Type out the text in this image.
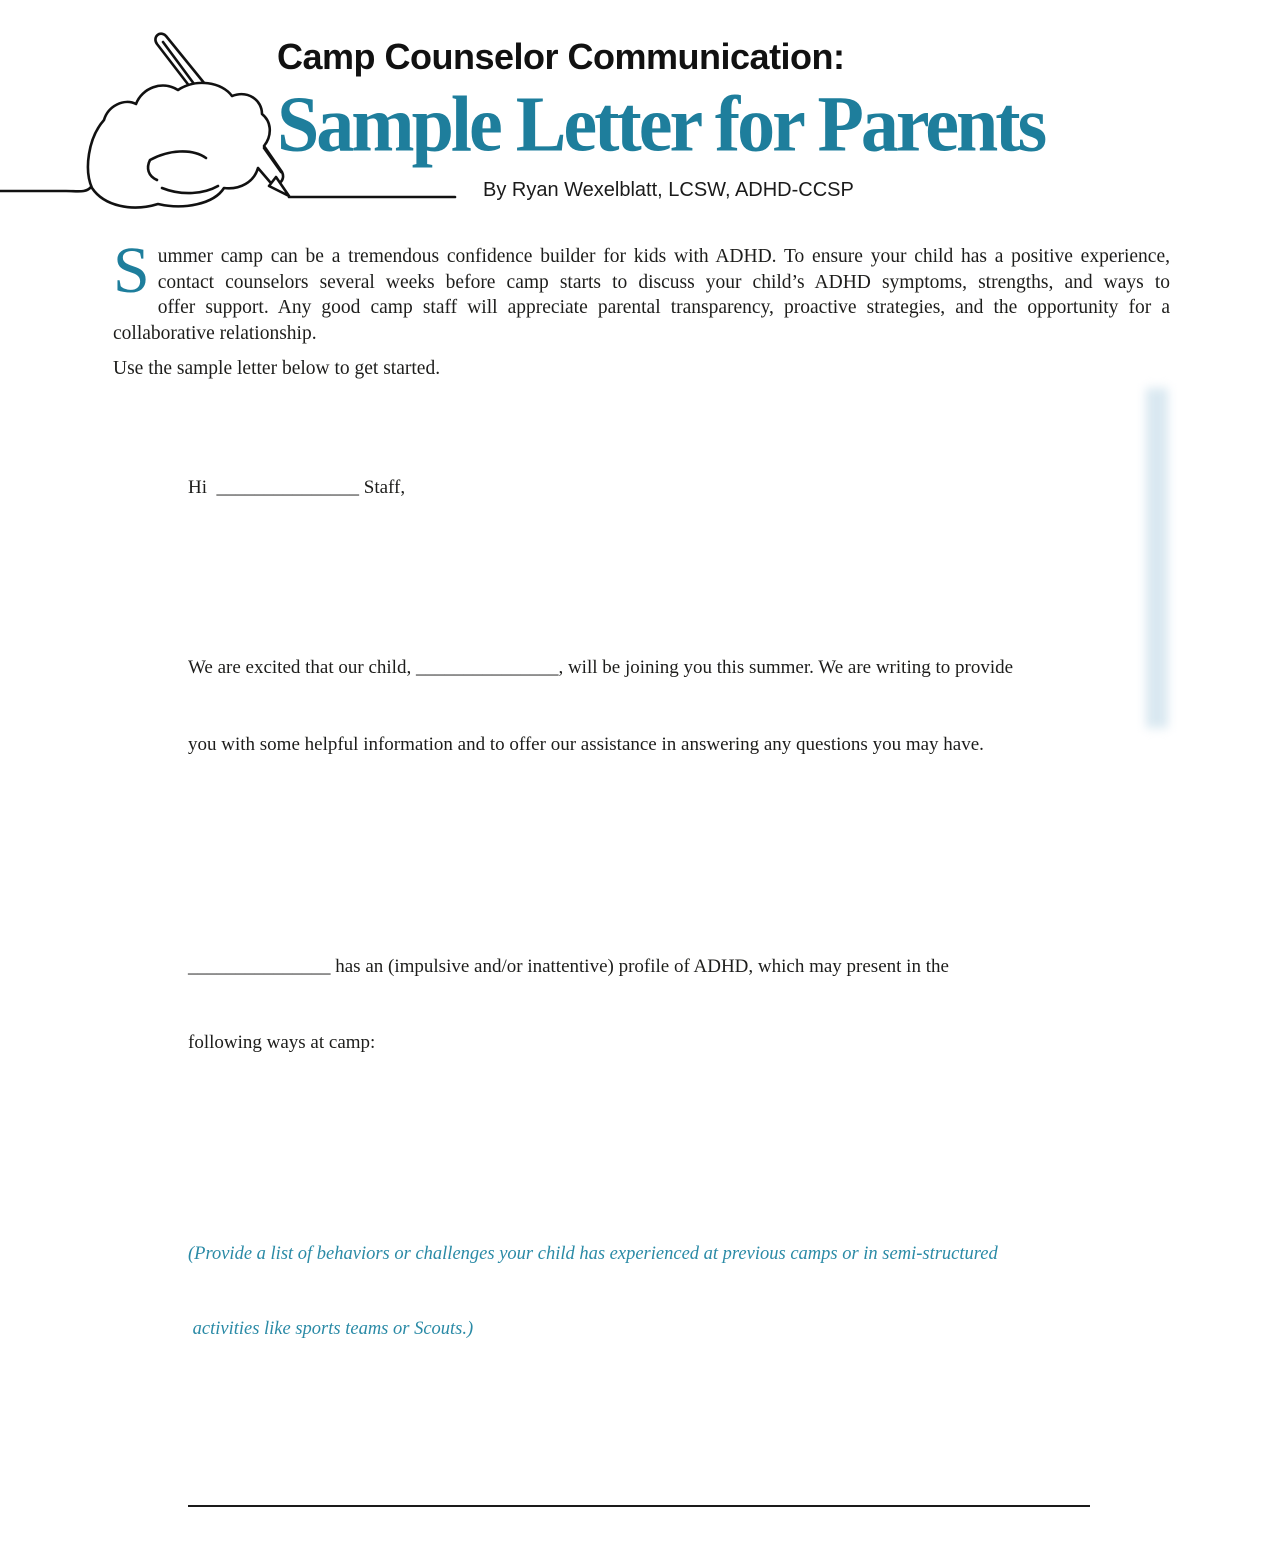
Camp Counselor Communication:
Sample Letter for Parents
By Ryan Wexelblatt, LCSW, ADHD-CCSP
S ummer camp can be a tremendous confidence builder for kids with ADHD. To ensure your child has a positive experience,
contact counselors several weeks before camp starts to discuss your child’s ADHD symptoms, strengths, and ways to
offer support. Any good camp staff will appreciate parental transparency, proactive strategies, and the opportunity for a
collaborative relationship.
Use the sample letter below to get started.

Hi  _______________ Staff,

We are excited that our child, _______________, will be joining you this summer. We are writing to provide

you with some helpful information and to offer our assistance in answering any questions you may have.

_______________ has an (impulsive and/or inattentive) profile of ADHD, which may present in the

following ways at camp:

(Provide a list of behaviors or challenges your child has experienced at previous camps or in semi-structured

activities like sports teams or Scouts.)
